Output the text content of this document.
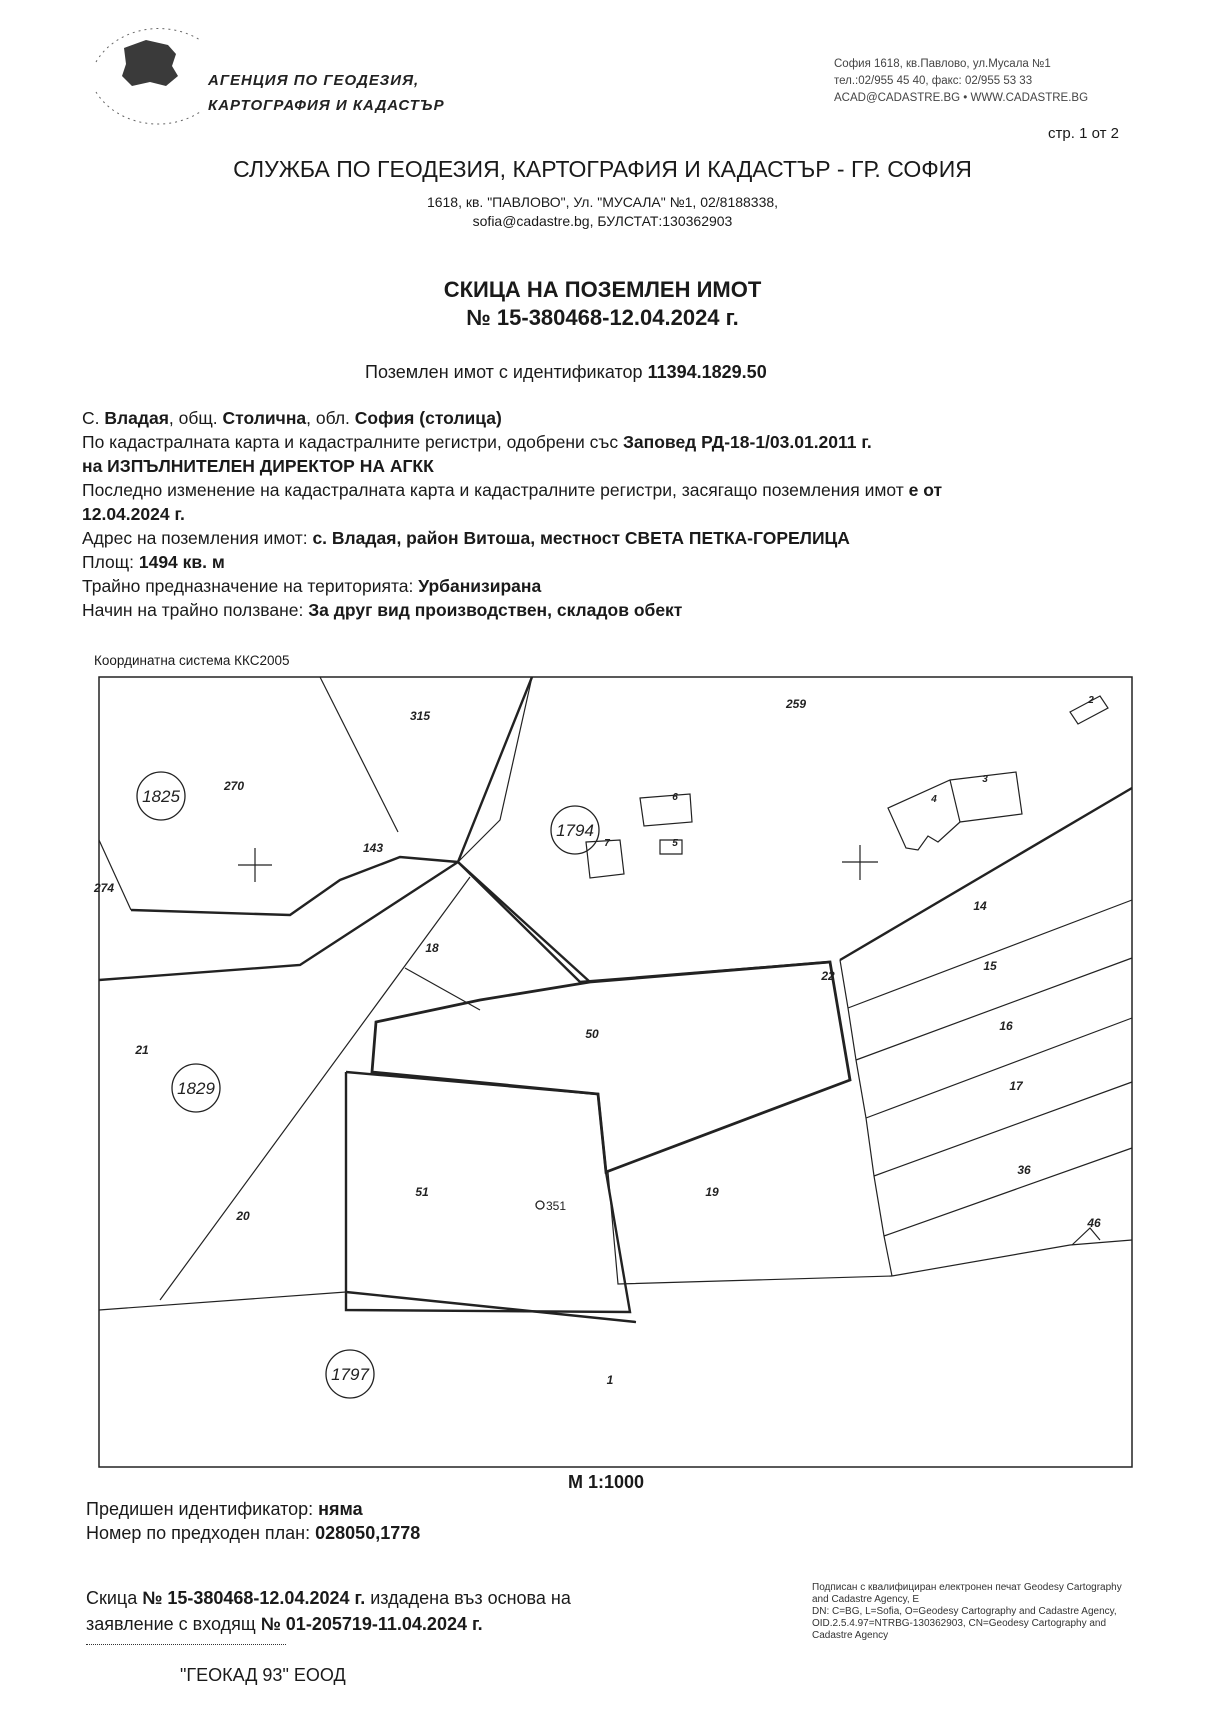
315
259
270
274
143
18
21
50
20
51	19
14
15
16
17
36
46
22
1
2
3
4
6
7	5
1825
1794
1829
1797
351
АГЕНЦИЯ ПО ГЕОДЕЗИЯ,
КАРТОГРАФИЯ И КАДАСТЪР
София 1618, кв.Павлово, ул.Мусала №1
тел.:02/955 45 40, факс: 02/955 53 33
ACAD@CADASTRE.BG • WWW.CADASTRE.BG
стр. 1 от 2
СЛУЖБА ПО ГЕОДЕЗИЯ, КАРТОГРАФИЯ И КАДАСТЪР - ГР. СОФИЯ
1618, кв. "ПАВЛОВО", Ул. "МУСАЛА" №1, 02/8188338,
sofia@cadastre.bg, БУЛСТАТ:130362903
СКИЦА НА ПОЗЕМЛЕН ИМОТ
№ 15-380468-12.04.2024 г.
Поземлен имот с идентификатор 11394.1829.50
С. Владая, общ. Столична, обл. София (столица)
По кадастралната карта и кадастралните регистри, одобрени със Заповед РД-18-1/03.01.2011 г.
на ИЗПЪЛНИТЕЛЕН ДИРЕКТОР НА АГКК
Последно изменение на кадастралната карта и кадастралните регистри, засягащо поземления имот е от
12.04.2024 г.
Адрес на поземления имот: с. Владая, район Витоша, местност СВЕТА ПЕТКА-ГОРЕЛИЦА
Площ: 1494 кв. м
Трайно предназначение на територията: Урбанизирана
Начин на трайно ползване: За друг вид производствен, складов обект
Координатна система ККС2005
М 1:1000
Предишен идентификатор: няма
Номер по предходен план: 028050,1778
Скица № 15-380468-12.04.2024 г. издадена въз основа на
заявление с входящ № 01-205719-11.04.2024 г.
"ГЕОКАД 93" ЕООД
Подписан с квалифициран електронен печат Geodesy Cartography
and Cadastre Agency, E
DN: C=BG, L=Sofia, O=Geodesy Cartography and Cadastre Agency,
OID.2.5.4.97=NTRBG-130362903, CN=Geodesy Cartography and
Cadastre Agency
